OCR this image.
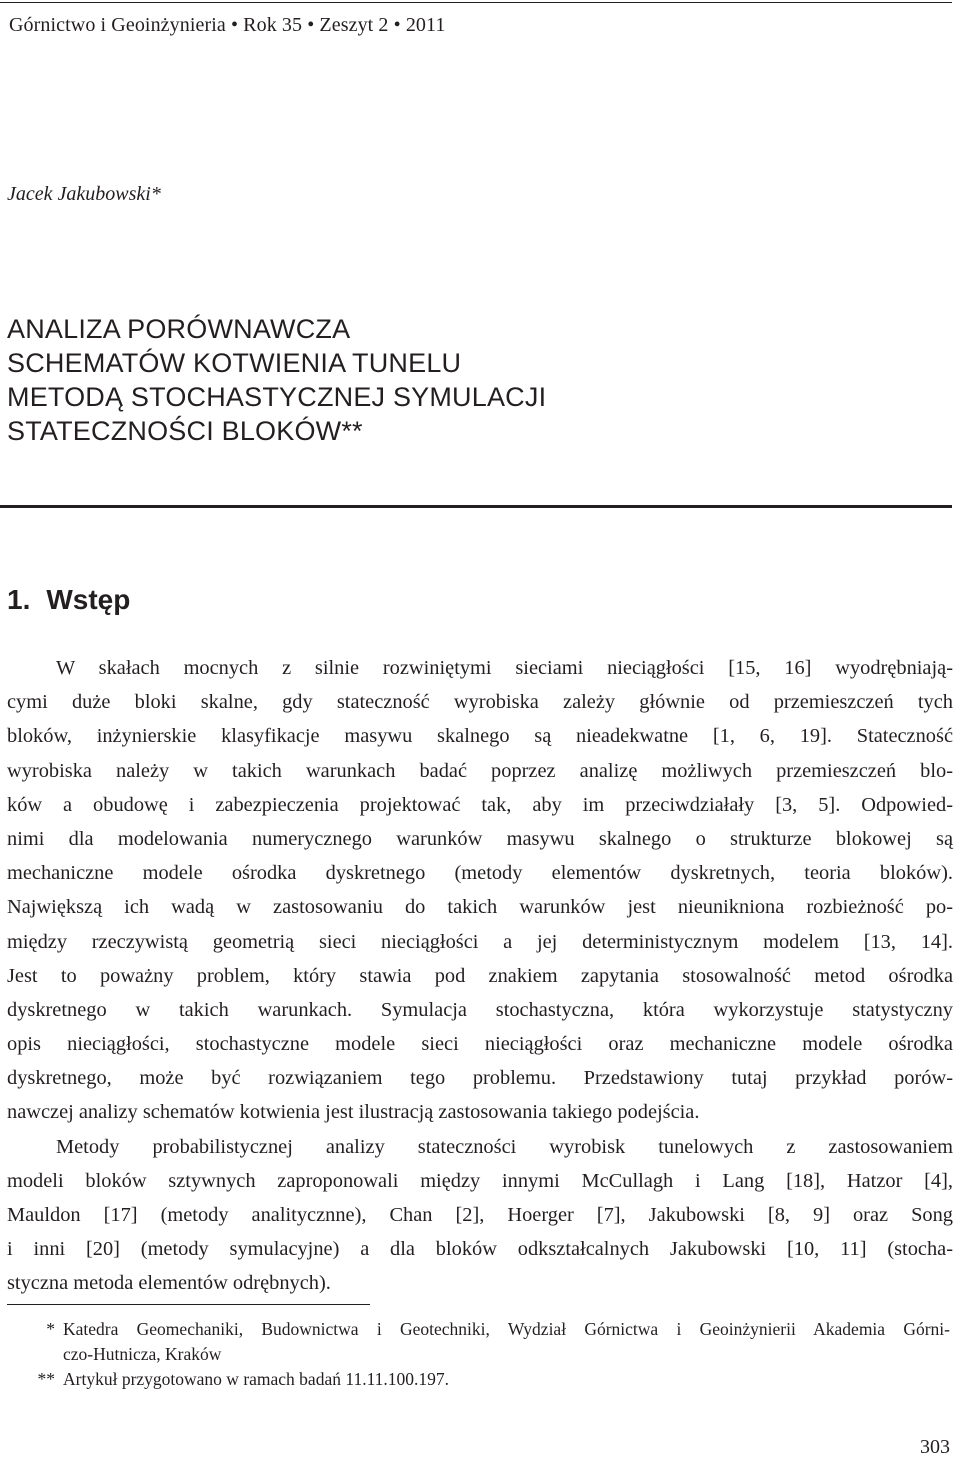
Górnictwo i Geoinżynieria • Rok 35 • Zeszyt 2 • 2011
Jacek Jakubowski*
ANALIZA PORÓWNAWCZA
SCHEMATÓW KOTWIENIA TUNELU
METODĄ STOCHASTYCZNEJ SYMULACJI
STATECZNOŚCI BLOKÓW**
1. Wstęp
W skałach mocnych z silnie rozwiniętymi sieciami nieciągłości [15, 16] wyodrębniają-
cymi duże bloki skalne, gdy stateczność wyrobiska zależy głównie od przemieszczeń tych
bloków, inżynierskie klasyfikacje masywu skalnego są nieadekwatne [1, 6, 19]. Stateczność
wyrobiska należy w takich warunkach badać poprzez analizę możliwych przemieszczeń blo-
ków a obudowę i zabezpieczenia projektować tak, aby im przeciwdziałały [3, 5]. Odpowied-
nimi dla modelowania numerycznego warunków masywu skalnego o strukturze blokowej są
mechaniczne modele ośrodka dyskretnego (metody elementów dyskretnych, teoria bloków).
Największą ich wadą w zastosowaniu do takich warunków jest nieunikniona rozbieżność po-
między rzeczywistą geometrią sieci nieciągłości a jej deterministycznym modelem [13, 14].
Jest to poważny problem, który stawia pod znakiem zapytania stosowalność metod ośrodka
dyskretnego w takich warunkach. Symulacja stochastyczna, która wykorzystuje statystyczny
opis nieciągłości, stochastyczne modele sieci nieciągłości oraz mechaniczne modele ośrodka
dyskretnego, może być rozwiązaniem tego problemu. Przedstawiony tutaj przykład porów-
nawczej analizy schematów kotwienia jest ilustracją zastosowania takiego podejścia.
Metody probabilistycznej analizy stateczności wyrobisk tunelowych z zastosowaniem
modeli bloków sztywnych zaproponowali między innymi McCullagh i Lang [18], Hatzor [4],
Mauldon [17] (metody analitycznne), Chan [2], Hoerger [7], Jakubowski [8, 9] oraz Song
i inni [20] (metody symulacyjne) a dla bloków odkształcalnych Jakubowski [10, 11] (stocha-
styczna metoda elementów odrębnych).
* Katedra Geomechaniki, Budownictwa i Geotechniki, Wydział Górnictwa i Geoinżynierii Akademia Górni-
czo-Hutnicza, Kraków
** Artykuł przygotowano w ramach badań 11.11.100.197.
303
